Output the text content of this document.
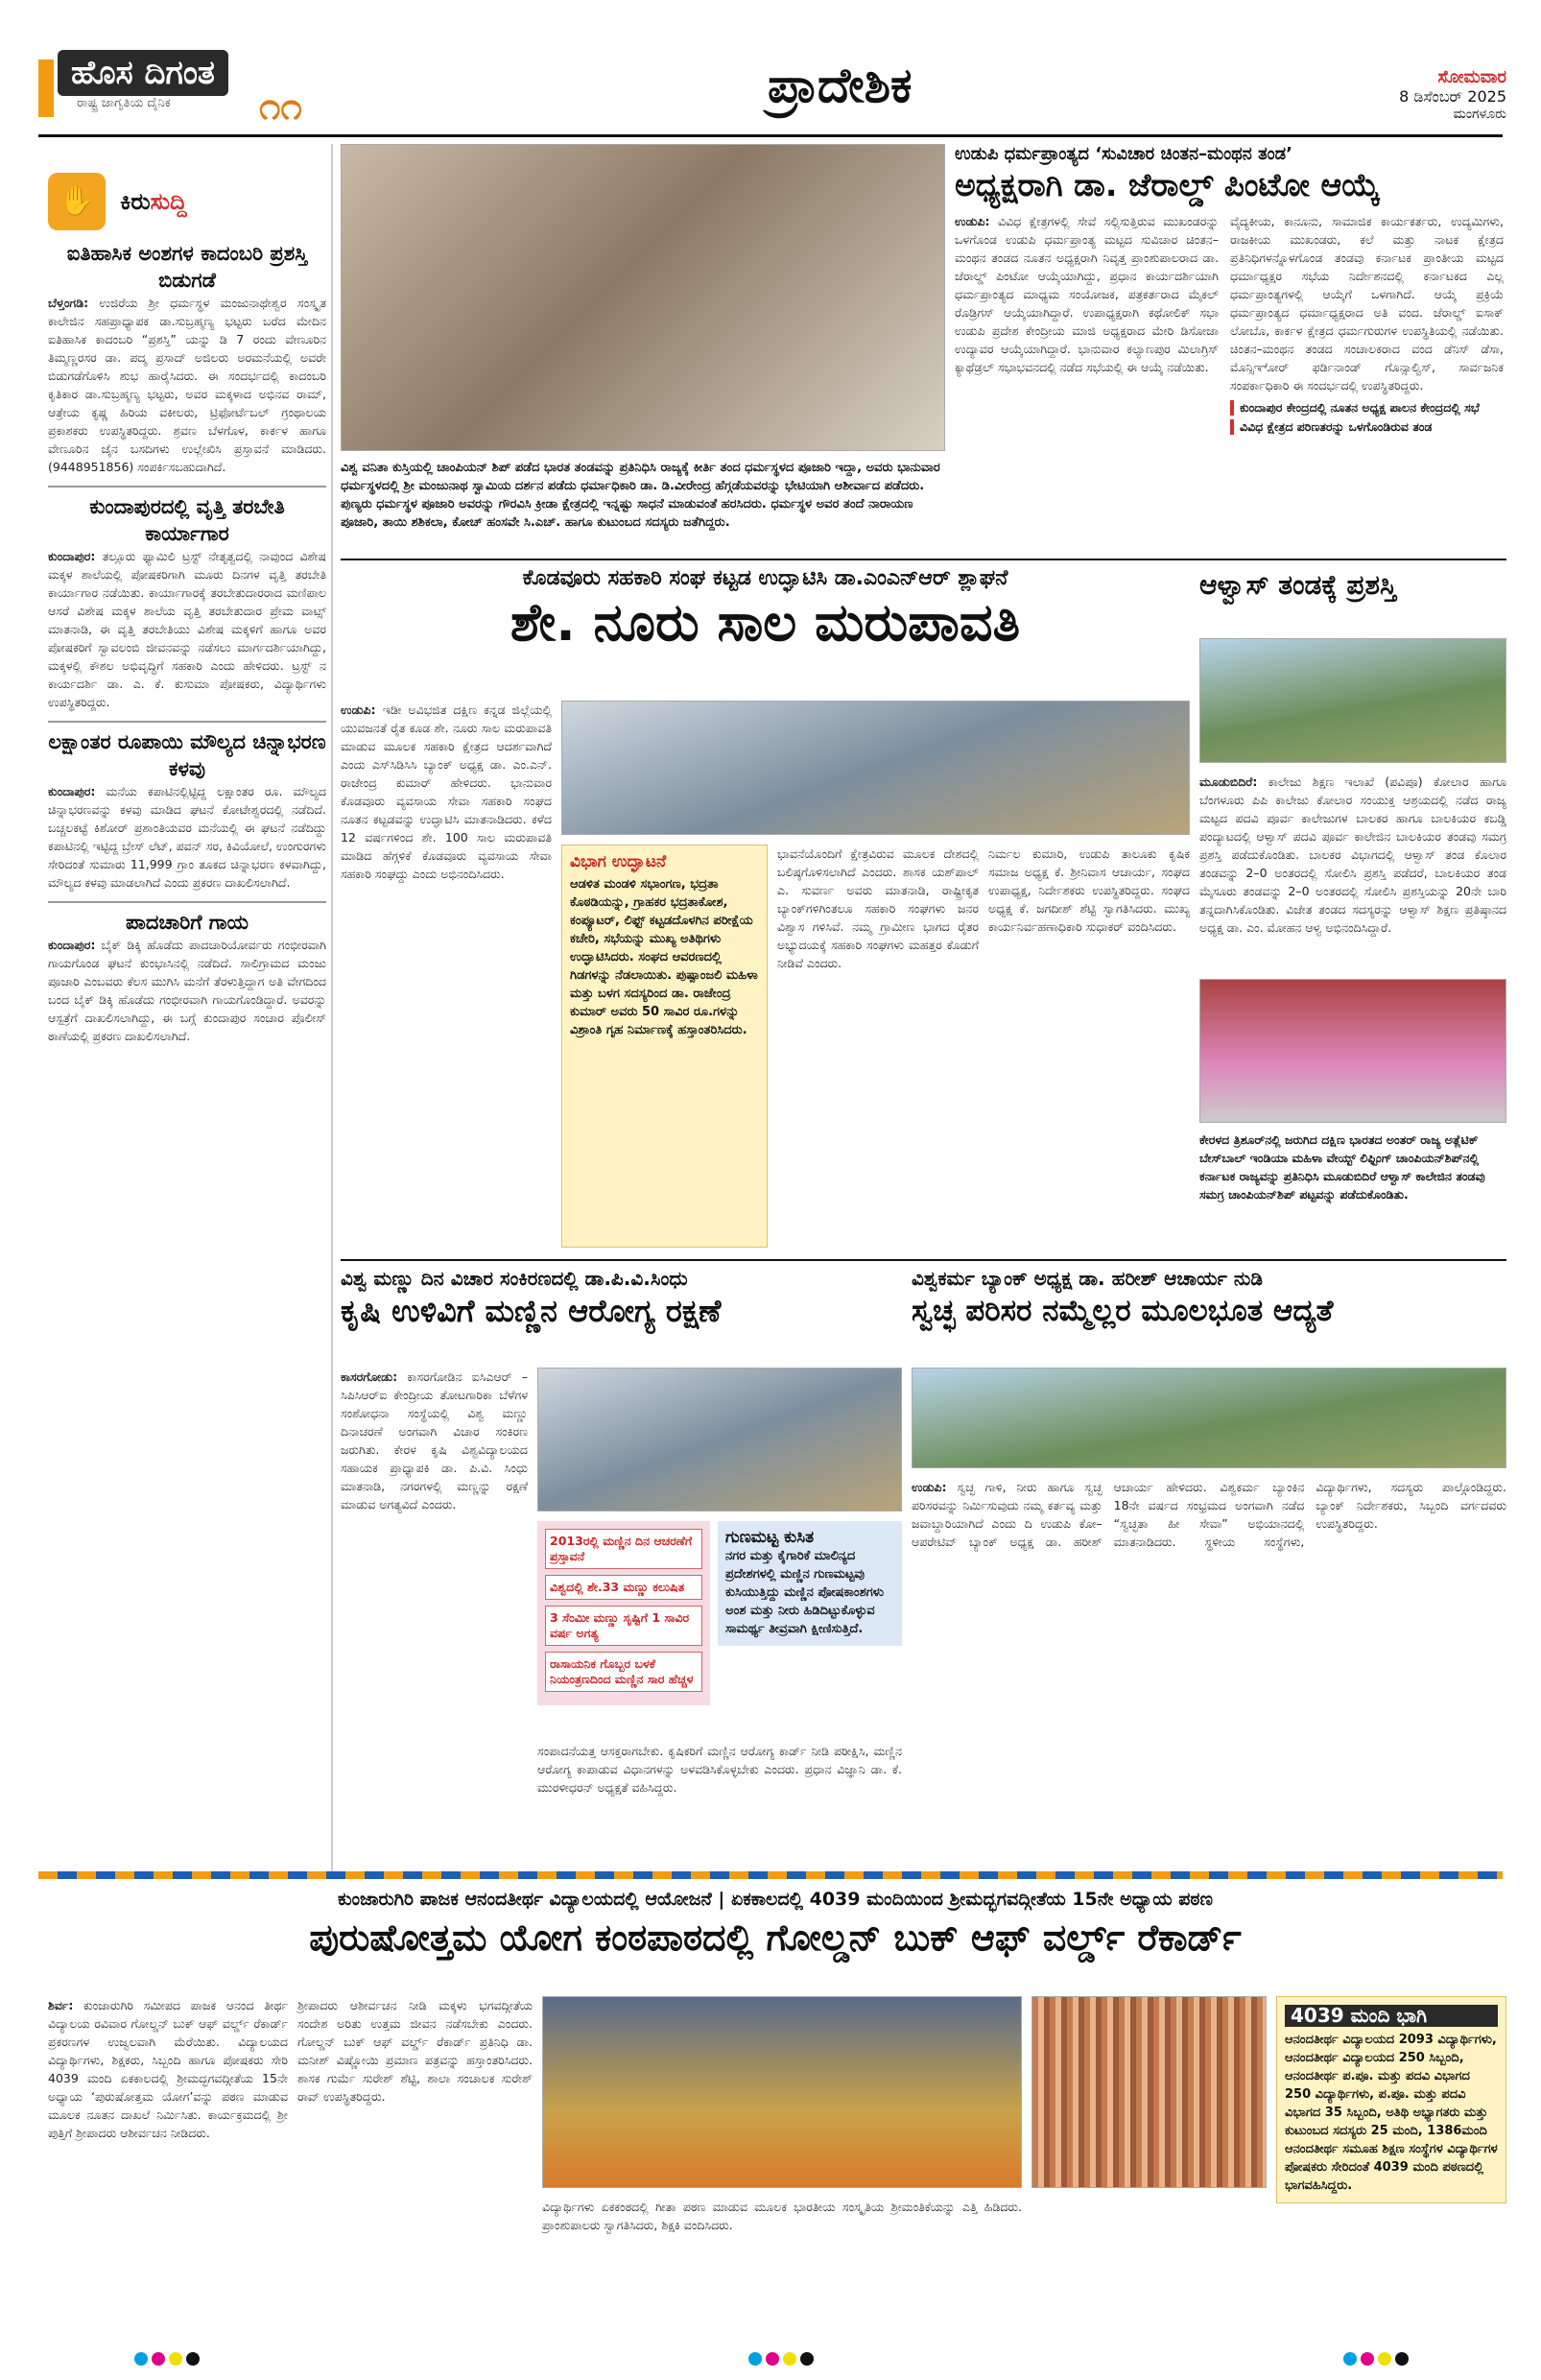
ಹೊಸ ದಿಗಂತ
ರಾಷ್ಟ್ರ ಜಾಗೃತಿಯ ದೈನಿಕ	೧೧	ಪ್ರಾದೇಶಿಕ	ಸೋಮವಾರ
8 ಡಿಸೆಂಬರ್ 2025
ಮಂಗಳೂರು
✋ ಕಿರುಸುದ್ದಿ
ಐತಿಹಾಸಿಕ ಅಂಶಗಳ ಕಾದಂಬರಿ ಪ್ರಶಸ್ತಿ ಬಿಡುಗಡೆ
ಬೆಳ್ತಂಗಡಿ: ಉಜಿರೆಯ ಶ್ರೀ ಧರ್ಮಸ್ಥಳ ಮಂಜುನಾಥೇಶ್ವರ ಸಂಸ್ಕೃತ ಕಾಲೇಜಿನ ಸಹಪ್ರಾಧ್ಯಾಪಕ ಡಾ.ಸುಬ್ರಹ್ಮಣ್ಯ ಭಟ್ಟರು ಬರೆದ ಮೇದಿನ ಐತಿಹಾಸಿಕ ಕಾದಂಬರಿ “ಪ್ರಶಸ್ತಿ” ಯನ್ನು ಡಿ 7 ರಂದು ವೇಣೂರಿನ ತಿಮ್ಮಣ್ಣರಸರ ಡಾ. ಪದ್ಮ ಪ್ರಸಾದ್ ಅಜಿಲರು ಅರಮನೆಯಲ್ಲಿ ಅವರೇ ಬಿಡುಗಡೆಗೊಳಿಸಿ ಶುಭ ಹಾರೈಸಿದರು. ಈ ಸಂದರ್ಭದಲ್ಲಿ ಕಾದಂಬರಿ ಕೃತಿಕಾರ ಡಾ.ಸುಬ್ರಹ್ಮಣ್ಯ ಭಟ್ಟರು, ಅವರ ಮಕ್ಕಳಾದ ಅಭಿನವ ರಾಮ್, ಆತ್ರೇಯ ಕೃಷ್ಣ ಹಿರಿಯ ವಕೀಲರು, ಟ್ರಿಫೋರ್ಟೆಬಲ್ ಗ್ರಂಥಾಲಯ ಪ್ರಕಾಶಕರು ಉಪಸ್ಥಿತರಿದ್ದರು. ಶ್ರವಣ ಬೆಳಗೊಳ, ಕಾರ್ಕಳ ಹಾಗೂ ವೇಣೂರಿನ ಜೈನ ಬಸದಿಗಳು ಉಲ್ಲೇಖಿಸಿ ಪ್ರಸ್ತಾವನೆ ಮಾಡಿದರು. (9448951856) ಸಂಪರ್ಕಿಸಬಹುದಾಗಿದೆ.
ಕುಂದಾಪುರದಲ್ಲಿ ವೃತ್ತಿ ತರಬೇತಿ ಕಾರ್ಯಾಗಾರ
ಕುಂದಾಪುರ: ತಲ್ಲೂರು ಫ್ಯಾಮಿಲಿ ಟ್ರಸ್ಟ್ ನೇತೃತ್ವದಲ್ಲಿ ನಾವುಂದ ವಿಶೇಷ ಮಕ್ಕಳ ಶಾಲೆಯಲ್ಲಿ ಪೋಷಕರಿಗಾಗಿ ಮೂರು ದಿನಗಳ ವೃತ್ತಿ ತರಬೇತಿ ಕಾರ್ಯಾಗಾರ ನಡೆಯಿತು. ಕಾರ್ಯಾಗಾರಕ್ಕೆ ತರಬೇತುದಾರರಾದ ಮಣಿಪಾಲ ಆಸರೆ ವಿಶೇಷ ಮಕ್ಕಳ ಶಾಲೆಯ ವೃತ್ತಿ ತರಬೇತುದಾರ ಪ್ರೇಮ ವಾಟ್ಸ್ ಮಾತನಾಡಿ, ಈ ವೃತ್ತಿ ತರಬೇತಿಯು ವಿಶೇಷ ಮಕ್ಕಳಿಗೆ ಹಾಗೂ ಅವರ ಪೋಷಕರಿಗೆ ಸ್ವಾವಲಂಬಿ ಜೀವನವನ್ನು ನಡೆಸಲು ಮಾರ್ಗದರ್ಶಿಯಾಗಿದ್ದು, ಮಕ್ಕಳಲ್ಲಿ ಕೌಶಲ ಅಭಿವೃದ್ಧಿಗೆ ಸಹಕಾರಿ ಎಂದು ಹೇಳಿದರು. ಟ್ರಸ್ಟ್ ನ ಕಾರ್ಯದರ್ಶಿ ಡಾ. ಎ. ಕೆ. ಕುಸುಮಾ ಪೋಷಕರು, ವಿದ್ಯಾರ್ಥಿಗಳು ಉಪಸ್ಥಿತರಿದ್ದರು.
ಲಕ್ಷಾಂತರ ರೂಪಾಯಿ ಮೌಲ್ಯದ ಚಿನ್ನಾಭರಣ ಕಳವು
ಕುಂದಾಪುರ: ಮನೆಯ ಕಪಾಟಿನಲ್ಲಿಟ್ಟಿದ್ದ ಲಕ್ಷಾಂತರ ರೂ. ಮೌಲ್ಯದ ಚಿನ್ನಾಭರಣವನ್ನು ಕಳವು ಮಾಡಿದ ಘಟನೆ ಕೋಟೇಶ್ವರದಲ್ಲಿ ನಡೆದಿದೆ. ಬಚ್ಚಲಕಟ್ಟೆ ಕಿಶೋರ್ ಪ್ರಶಾಂತಿಯವರ ಮನೆಯಲ್ಲಿ ಈ ಘಟನೆ ನಡೆದಿದ್ದು ಕಪಾಟಿನಲ್ಲಿ ಇಟ್ಟಿದ್ದ ಬ್ರೇಸ್ ಲೆಟ್, ಪವನ್ ಸರ, ಕಿವಿಯೋಲೆ, ಉಂಗುರಗಳು ಸೇರಿದಂತೆ ಸುಮಾರು 11,999 ಗ್ರಾಂ ತೂಕದ ಚಿನ್ನಾಭರಣ ಕಳವಾಗಿದ್ದು, ಮೌಲ್ಯದ ಕಳವು ಮಾಡಲಾಗಿದೆ ಎಂದು ಪ್ರಕರಣ ದಾಖಲಿಸಲಾಗಿದೆ.
ಪಾದಚಾರಿಗೆ ಗಾಯ
ಕುಂದಾಪುರ: ಬೈಕ್ ಡಿಕ್ಕಿ ಹೊಡೆದು ಪಾದಚಾರಿಯೋರ್ವರು ಗಂಭೀರವಾಗಿ ಗಾಯಗೊಂಡ ಘಟನೆ ಕುಂಭಾಸಿನಲ್ಲಿ ನಡೆದಿದೆ. ಸಾಲಿಗ್ರಾಮದ ಮಂಜು ಪೂಜಾರಿ ಎಂಬವರು ಕೆಲಸ ಮುಗಿಸಿ ಮನೆಗೆ ತೆರಳುತ್ತಿದ್ದಾಗ ಅತಿ ವೇಗದಿಂದ ಬಂದ ಬೈಕ್ ಡಿಕ್ಕಿ ಹೊಡೆದು ಗಂಭೀರವಾಗಿ ಗಾಯಗೊಂಡಿದ್ದಾರೆ. ಅವರನ್ನು ಆಸ್ಪತ್ರೆಗೆ ದಾಖಲಿಸಲಾಗಿದ್ದು, ಈ ಬಗ್ಗೆ ಕುಂದಾಪುರ ಸಂಚಾರ ಪೊಲೀಸ್ ಠಾಣೆಯಲ್ಲಿ ಪ್ರಕರಣ ದಾಖಲಿಸಲಾಗಿದೆ.
ವಿಶ್ವ ವನಿತಾ ಕುಸ್ತಿಯಲ್ಲಿ ಚಾಂಪಿಯನ್ ಶಿಪ್ ಪಡೆದ ಭಾರತ ತಂಡವನ್ನು ಪ್ರತಿನಿಧಿಸಿ ರಾಜ್ಯಕ್ಕೆ ಕೀರ್ತಿ ತಂದ ಧರ್ಮಸ್ಥಳದ ಪೂಜಾರಿ ಇದ್ದಾ, ಅವರು ಭಾನುವಾರ ಧರ್ಮಸ್ಥಳದಲ್ಲಿ ಶ್ರೀ ಮಂಜುನಾಥ ಸ್ವಾಮಿಯ ದರ್ಶನ ಪಡೆದು ಧರ್ಮಾಧಿಕಾರಿ ಡಾ. ಡಿ.ವೀರೇಂದ್ರ ಹೆಗ್ಗಡೆಯವರನ್ನು ಭೇಟಿಯಾಗಿ ಆಶೀರ್ವಾದ ಪಡೆದರು. ಪುಣ್ಯರು ಧರ್ಮಸ್ಥಳ ಪೂಜಾರಿ ಅವರನ್ನು ಗೌರವಿಸಿ ಕ್ರೀಡಾ ಕ್ಷೇತ್ರದಲ್ಲಿ ಇನ್ನಷ್ಟು ಸಾಧನೆ ಮಾಡುವಂತೆ ಹರಸಿದರು. ಧರ್ಮಸ್ಥಳ ಅವರ ತಂದೆ ನಾರಾಯಣ ಪೂಜಾರಿ, ತಾಯಿ ಶಶಿಕಲಾ, ಕೋಚ್ ಹಂಸವೇ ಸಿ.ಎಚ್. ಹಾಗೂ ಕುಟುಂಬದ ಸದಸ್ಯರು ಜತೆಗಿದ್ದರು.
ಉಡುಪಿ ಧರ್ಮಪ್ರಾಂತ್ಯದ ‘ಸುವಿಚಾರ ಚಿಂತನ–ಮಂಥನ ತಂಡ’
ಅಧ್ಯಕ್ಷರಾಗಿ ಡಾ. ಜೆರಾಲ್ಡ್ ಪಿಂಟೋ ಆಯ್ಕೆ
ಉಡುಪಿ: ವಿವಿಧ ಕ್ಷೇತ್ರಗಳಲ್ಲಿ ಸೇವೆ ಸಲ್ಲಿಸುತ್ತಿರುವ ಮುಖಂಡರನ್ನು ಒಳಗೊಂಡ ಉಡುಪಿ ಧರ್ಮಪ್ರಾಂತ್ಯ ಮಟ್ಟದ ಸುವಿಚಾರ ಚಿಂತನ–ಮಂಥನ ತಂಡದ ನೂತನ ಅಧ್ಯಕ್ಷರಾಗಿ ನಿವೃತ್ತ ಪ್ರಾಂಶುಪಾಲರಾದ ಡಾ. ಜೆರಾಲ್ಡ್ ಪಿಂಟೋ ಆಯ್ಕೆಯಾಗಿದ್ದು, ಪ್ರಧಾನ ಕಾರ್ಯದರ್ಶಿಯಾಗಿ ಧರ್ಮಪ್ರಾಂತ್ಯದ ಮಾಧ್ಯಮ ಸಂಯೋಜಕ, ಪತ್ರಕರ್ತರಾದ ಮೈಕಲ್ ರೊಡ್ರಿಗಸ್ ಆಯ್ಕೆಯಾಗಿದ್ದಾರೆ. ಉಪಾಧ್ಯಕ್ಷರಾಗಿ ಕಥೋಲಿಕ್ ಸಭಾ ಉಡುಪಿ ಪ್ರದೇಶ ಕೇಂದ್ರೀಯ ಮಾಜಿ ಅಧ್ಯಕ್ಷರಾದ ಮೇರಿ ಡಿಸೋಜಾ ಉದ್ಯಾವರ ಆಯ್ಕೆಯಾಗಿದ್ದಾರೆ. ಭಾನುವಾರ ಕಲ್ಯಾಣಪುರ ಮಿಲಾಗ್ರಿಸ್ ಕ್ಯಾಥೆಡ್ರಲ್ ಸಭಾಭವನದಲ್ಲಿ ನಡೆದ ಸಭೆಯಲ್ಲಿ ಈ ಆಯ್ಕೆ ನಡೆಯಿತು.
ವೈದ್ಯಕೀಯ, ಕಾನೂನು, ಸಾಮಾಜಿಕ ಕಾರ್ಯಕರ್ತರು, ಉದ್ಯಮಿಗಳು, ರಾಜಕೀಯ ಮುಖಂಡರು, ಕಲೆ ಮತ್ತು ನಾಟಕ ಕ್ಷೇತ್ರದ ಪ್ರತಿನಿಧಿಗಳನ್ನೊಳಗೊಂಡ ತಂಡವು ಕರ್ನಾಟಕ ಪ್ರಾಂತೀಯ ಮಟ್ಟದ ಧರ್ಮಾಧ್ಯಕ್ಷರ ಸಭೆಯ ನಿರ್ದೇಶನದಲ್ಲಿ ಕರ್ನಾಟಕದ ಎಲ್ಲ ಧರ್ಮಪ್ರಾಂತ್ಯಗಳಲ್ಲಿ ಆಯ್ಕೆಗೆ ಒಳಗಾಗಿದೆ. ಆಯ್ಕೆ ಪ್ರಕ್ರಿಯೆ ಧರ್ಮಪ್ರಾಂತ್ಯದ ಧರ್ಮಾಧ್ಯಕ್ಷರಾದ ಅತಿ ವಂದ. ಜೆರಾಲ್ಡ್ ಐಸಾಕ್ ಲೋಬೊ, ಕಾರ್ಕಳ ಕ್ಷೇತ್ರದ ಧರ್ಮಗುರುಗಳ ಉಪಸ್ಥಿತಿಯಲ್ಲಿ ನಡೆಯಿತು. ಚಿಂತನ–ಮಂಥನ ತಂಡದ ಸಂಚಾಲಕರಾದ ವಂದ ಡೆನಿಸ್ ಡೆಸಾ, ಮೊನ್ಸಿಞೋರ್ ಫರ್ಡಿನಾಂಡ್ ಗೊನ್ಸಾಲ್ವಿಸ್, ಸಾರ್ವಜನಿಕ ಸಂಪರ್ಕಾಧಿಕಾರಿ ಈ ಸಂದರ್ಭದಲ್ಲಿ ಉಪಸ್ಥಿತರಿದ್ದರು.
ಕುಂದಾಪುರ ಕೇಂದ್ರದಲ್ಲಿ ನೂತನ ಅಧ್ಯಕ್ಷ ಪಾಲನ ಕೇಂದ್ರದಲ್ಲಿ ಸಭೆ
ವಿವಿಧ ಕ್ಷೇತ್ರದ ಪರಿಣತರನ್ನು ಒಳಗೊಂಡಿರುವ ತಂಡ
ಕೊಡವೂರು ಸಹಕಾರಿ ಸಂಘ ಕಟ್ಟಡ ಉದ್ಘಾಟಿಸಿ ಡಾ.ಎಂಎನ್‌ಆರ್ ಶ್ಲಾಘನೆ
ಶೇ. ನೂರು ಸಾಲ ಮರುಪಾವತಿ
ಉಡುಪಿ: ಇಡೀ ಅವಿಭಜಿತ ದಕ್ಷಿಣ ಕನ್ನಡ ಜಿಲ್ಲೆಯಲ್ಲಿ ಯುವಜನತೆ ರೈತ ಕೂಡ ಶೇ. ನೂರು ಸಾಲ ಮರುಪಾವತಿ ಮಾಡುವ ಮೂಲಕ ಸಹಕಾರಿ ಕ್ಷೇತ್ರದ ಆದರ್ಶವಾಗಿದೆ ಎಂದು ಎಸ್‌ಸಿಡಿಸಿಸಿ ಬ್ಯಾಂಕ್ ಅಧ್ಯಕ್ಷ ಡಾ. ಎಂ.ಎನ್. ರಾಜೇಂದ್ರ ಕುಮಾರ್ ಹೇಳಿದರು. ಭಾನುವಾರ ಕೊಡವೂರು ವ್ಯವಸಾಯ ಸೇವಾ ಸಹಕಾರಿ ಸಂಘದ ನೂತನ ಕಟ್ಟಡವನ್ನು ಉದ್ಘಾಟಿಸಿ ಮಾತನಾಡಿದರು. ಕಳೆದ 12 ವರ್ಷಗಳಿಂದ ಶೇ. 100 ಸಾಲ ಮರುಪಾವತಿ ಮಾಡಿದ ಹೆಗ್ಗಳಿಕೆ ಕೊಡವೂರು ವ್ಯವಸಾಯ ಸೇವಾ ಸಹಕಾರಿ ಸಂಘದ್ದು ಎಂದು ಅಭಿನಂದಿಸಿದರು.
ವಿಭಾಗ ಉದ್ಘಾಟನೆ
ಆಡಳಿತ ಮಂಡಳಿ ಸಭಾಂಗಣ, ಭದ್ರತಾ ಕೊಠಡಿಯನ್ನು, ಗ್ರಾಹಕರ ಭದ್ರತಾಕೋಶ, ಕಂಪ್ಯೂಟರ್, ಲಿಫ್ಟ್ ಕಟ್ಟಡದೊಳಗಿನ ಪರೀಕ್ಷೆಯ ಕಚೇರಿ, ಸಭೆಯನ್ನು ಮುಖ್ಯ ಅತಿಥಿಗಳು ಉದ್ಘಾಟಿಸಿದರು. ಸಂಘದ ಆವರಣದಲ್ಲಿ ಗಿಡಗಳನ್ನು ನೆಡಲಾಯಿತು. ಪುಷ್ಪಾಂಜಲಿ ಮಹಿಳಾ ಮತ್ತು ಬಳಗ ಸದಸ್ಯರಿಂದ ಡಾ. ರಾಜೇಂದ್ರ ಕುಮಾರ್ ಅವರು 50 ಸಾವಿರ ರೂ.ಗಳನ್ನು ವಿಶ್ರಾಂತಿ ಗೃಹ ನಿರ್ಮಾಣಕ್ಕೆ ಹಸ್ತಾಂತರಿಸಿದರು.
ಭಾವನೆಯೊಂದಿಗೆ ಕ್ಷೇತ್ರವಿರುವ ಮೂಲಕ ದೇಶದಲ್ಲಿ ಬಲಿಷ್ಠಗೊಳಿಸಲಾಗಿದೆ ಎಂದರು. ಶಾಸಕ ಯಶ್‌ಪಾಲ್ ಎ. ಸುವರ್ಣ ಅವರು ಮಾತನಾಡಿ, ರಾಷ್ಟ್ರೀಕೃತ ಬ್ಯಾಂಕ್‌ಗಳಿಗಿಂತಲೂ ಸಹಕಾರಿ ಸಂಘಗಳು ಜನರ ವಿಶ್ವಾಸ ಗಳಿಸಿವೆ. ನಮ್ಮ ಗ್ರಾಮೀಣ ಭಾಗದ ರೈತರ ಅಭ್ಯುದಯಕ್ಕೆ ಸಹಕಾರಿ ಸಂಘಗಳು ಮಹತ್ತರ ಕೊಡುಗೆ ನೀಡಿವೆ ಎಂದರು.
ನಿರ್ಮಲ ಕುಮಾರಿ, ಉಡುಪಿ ತಾಲೂಕು ಕೃಷಿಕ ಸಮಾಜ ಅಧ್ಯಕ್ಷ ಕೆ. ಶ್ರೀನಿವಾಸ ಆಚಾರ್ಯ, ಸಂಘದ ಉಪಾಧ್ಯಕ್ಷ, ನಿರ್ದೇಶಕರು ಉಪಸ್ಥಿತರಿದ್ದರು. ಸಂಘದ ಅಧ್ಯಕ್ಷ ಕೆ. ಜಗದೀಶ್ ಶೆಟ್ಟಿ ಸ್ವಾಗತಿಸಿದರು. ಮುಖ್ಯ ಕಾರ್ಯನಿರ್ವಹಣಾಧಿಕಾರಿ ಸುಧಾಕರ್ ವಂದಿಸಿದರು.
ಆಳ್ವಾಸ್ ತಂಡಕ್ಕೆ ಪ್ರಶಸ್ತಿ
ಮೂಡುಬಿದಿರೆ: ಕಾಲೇಜು ಶಿಕ್ಷಣ ಇಲಾಖೆ (ಪವಿಪೂ) ಕೋಲಾರ ಹಾಗೂ ಬೆಂಗಳೂರು ಪಿಪಿ ಕಾಲೇಜು ಕೋಲಾರ ಸಂಯುಕ್ತ ಆಶ್ರಯದಲ್ಲಿ ನಡೆದ ರಾಜ್ಯ ಮಟ್ಟದ ಪದವಿ ಪೂರ್ವ ಕಾಲೇಜುಗಳ ಬಾಲಕರ ಹಾಗೂ ಬಾಲಕಿಯರ ಕಬಡ್ಡಿ ಪಂದ್ಯಾಟದಲ್ಲಿ ಆಳ್ವಾಸ್ ಪದವಿ ಪೂರ್ವ ಕಾಲೇಜಿನ ಬಾಲಕಿಯರ ತಂಡವು ಸಮಗ್ರ ಪ್ರಶಸ್ತಿ ಪಡೆದುಕೊಂಡಿತು. ಬಾಲಕರ ವಿಭಾಗದಲ್ಲಿ ಆಳ್ವಾಸ್ ತಂಡ ಕೊಲಾರ ತಂಡವನ್ನು 2–0 ಅಂತರದಲ್ಲಿ ಸೋಲಿಸಿ ಪ್ರಶಸ್ತಿ ಪಡೆದರೆ, ಬಾಲಕಿಯರ ತಂಡ ಮೈಸೂರು ತಂಡವನ್ನು 2–0 ಅಂತರದಲ್ಲಿ ಸೋಲಿಸಿ ಪ್ರಶಸ್ತಿಯನ್ನು 20ನೇ ಬಾರಿ ತನ್ನದಾಗಿಸಿಕೊಂಡಿತು. ವಿಜೇತ ತಂಡದ ಸದಸ್ಯರನ್ನು ಆಳ್ವಾಸ್ ಶಿಕ್ಷಣ ಪ್ರತಿಷ್ಠಾನದ ಅಧ್ಯಕ್ಷ ಡಾ. ಎಂ. ಮೋಹನ ಆಳ್ವ ಅಭಿನಂದಿಸಿದ್ದಾರೆ.
ಕೇರಳದ ತ್ರಿಶೂರ್‌ನಲ್ಲಿ ಜರುಗಿದ ದಕ್ಷಿಣ ಭಾರತದ ಅಂತರ್ ರಾಜ್ಯ ಅತ್ಲೆಟಿಕ್ ಬೇಸ್‌ಬಾಲ್ ಇಂಡಿಯಾ ಮಹಿಳಾ ವೇಯ್ಟ್ ಲಿಫ್ಟಿಂಗ್ ಚಾಂಪಿಯನ್‌ಶಿಪ್‌ನಲ್ಲಿ ಕರ್ನಾಟಕ ರಾಜ್ಯವನ್ನು ಪ್ರತಿನಿಧಿಸಿ ಮೂಡುಬಿದಿರೆ ಆಳ್ವಾಸ್ ಕಾಲೇಜಿನ ತಂಡವು ಸಮಗ್ರ ಚಾಂಪಿಯನ್‌ಶಿಪ್ ಪಟ್ಟವನ್ನು ಪಡೆದುಕೊಂಡಿತು.
ವಿಶ್ವ ಮಣ್ಣು ದಿನ ವಿಚಾರ ಸಂಕಿರಣದಲ್ಲಿ ಡಾ.ಪಿ.ವಿ.ಸಿಂಧು
ಕೃಷಿ ಉಳಿವಿಗೆ ಮಣ್ಣಿನ ಆರೋಗ್ಯ ರಕ್ಷಣೆ
ಕಾಸರಗೋಡು: ಕಾಸರಗೋಡಿನ ಐಸಿಎಆರ್ – ಸಿಪಿಸಿಆರ್‌ಐ ಕೇಂದ್ರೀಯ ತೋಟಗಾರಿಕಾ ಬೆಳೆಗಳ ಸಂಶೋಧನಾ ಸಂಸ್ಥೆಯಲ್ಲಿ ವಿಶ್ವ ಮಣ್ಣು ದಿನಾಚರಣೆ ಅಂಗವಾಗಿ ವಿಚಾರ ಸಂಕಿರಣ ಜರುಗಿತು. ಕೇರಳ ಕೃಷಿ ವಿಶ್ವವಿದ್ಯಾಲಯದ ಸಹಾಯಕ ಪ್ರಾಧ್ಯಾಪಕಿ ಡಾ. ಪಿ.ವಿ. ಸಿಂಧು ಮಾತನಾಡಿ, ನಗರಗಳಲ್ಲಿ ಮಣ್ಣನ್ನು ರಕ್ಷಣೆ ಮಾಡುವ ಅಗತ್ಯವಿದೆ ಎಂದರು.
2013ರಲ್ಲಿ ಮಣ್ಣಿನ ದಿನ ಆಚರಣೆಗೆ ಪ್ರಸ್ತಾವನೆ
ವಿಶ್ವದಲ್ಲಿ ಶೇ.33 ಮಣ್ಣು ಕಲುಷಿತ
3 ಸೆಂಮೀ ಮಣ್ಣು ಸೃಷ್ಟಿಗೆ 1 ಸಾವಿರ ವರ್ಷ ಅಗತ್ಯ
ರಾಸಾಯನಿಕ ಗೊಬ್ಬರ ಬಳಕೆ ನಿಯಂತ್ರಣದಿಂದ ಮಣ್ಣಿನ ಸಾರ ಹೆಚ್ಚಳ
ಗುಣಮಟ್ಟ ಕುಸಿತ
ನಗರ ಮತ್ತು ಕೈಗಾರಿಕೆ ಮಾಲಿನ್ಯದ ಪ್ರದೇಶಗಳಲ್ಲಿ ಮಣ್ಣಿನ ಗುಣಮಟ್ಟವು ಕುಸಿಯುತ್ತಿದ್ದು ಮಣ್ಣಿನ ಪೋಷಕಾಂಶಗಳು ಅಂಶ ಮತ್ತು ನೀರು ಹಿಡಿದಿಟ್ಟುಕೊಳ್ಳುವ ಸಾಮರ್ಥ್ಯ ತೀವ್ರವಾಗಿ ಕ್ಷೀಣಿಸುತ್ತಿದೆ.
ಸಂಪಾದನೆಯತ್ತ ಆಸಕ್ತರಾಗಬೇಕು. ಕೃಷಿಕರಿಗೆ ಮಣ್ಣಿನ ಆರೋಗ್ಯ ಕಾರ್ಡ್ ನೀಡಿ ಪರೀಕ್ಷಿಸಿ, ಮಣ್ಣಿನ ಆರೋಗ್ಯ ಕಾಪಾಡುವ ವಿಧಾನಗಳನ್ನು ಅಳವಡಿಸಿಕೊಳ್ಳಬೇಕು ಎಂದರು. ಪ್ರಧಾನ ವಿಜ್ಞಾನಿ ಡಾ. ಕೆ. ಮುರಳೀಧರನ್ ಅಧ್ಯಕ್ಷತೆ ವಹಿಸಿದ್ದರು.
ವಿಶ್ವಕರ್ಮ ಬ್ಯಾಂಕ್ ಅಧ್ಯಕ್ಷ ಡಾ. ಹರೀಶ್ ಆಚಾರ್ಯ ನುಡಿ
ಸ್ವಚ್ಛ ಪರಿಸರ ನಮ್ಮೆಲ್ಲರ ಮೂಲಭೂತ ಆದ್ಯತೆ
ಉಡುಪಿ: ಸ್ವಚ್ಛ ಗಾಳಿ, ನೀರು ಹಾಗೂ ಸ್ವಚ್ಛ ಪರಿಸರವನ್ನು ನಿರ್ಮಿಸುವುದು ನಮ್ಮ ಕರ್ತವ್ಯ ಮತ್ತು ಜವಾಬ್ದಾರಿಯಾಗಿದೆ ಎಂದು ದಿ ಉಡುಪಿ ಕೋ–ಆಪರೇಟಿವ್ ಬ್ಯಾಂಕ್ ಅಧ್ಯಕ್ಷ ಡಾ. ಹರೀಶ್ ಆಚಾರ್ಯ ಹೇಳಿದರು. ವಿಶ್ವಕರ್ಮ ಬ್ಯಾಂಕಿನ 18ನೇ ವರ್ಷದ ಸಂಭ್ರಮದ ಅಂಗವಾಗಿ ನಡೆದ “ಸ್ವಚ್ಛತಾ ಹೀ ಸೇವಾ” ಅಭಿಯಾನದಲ್ಲಿ ಮಾತನಾಡಿದರು. ಸ್ಥಳೀಯ ಸಂಸ್ಥೆಗಳು, ವಿದ್ಯಾರ್ಥಿಗಳು, ಸದಸ್ಯರು ಪಾಲ್ಗೊಂಡಿದ್ದರು. ಬ್ಯಾಂಕ್ ನಿರ್ದೇಶಕರು, ಸಿಬ್ಬಂದಿ ವರ್ಗದವರು ಉಪಸ್ಥಿತರಿದ್ದರು.
ಕುಂಜಾರುಗಿರಿ ಪಾಜಕ ಆನಂದತೀರ್ಥ ವಿದ್ಯಾಲಯದಲ್ಲಿ ಆಯೋಜನೆ | ಏಕಕಾಲದಲ್ಲಿ 4039 ಮಂದಿಯಿಂದ ಶ್ರೀಮದ್ಭಗವದ್ಗೀತೆಯ 15ನೇ ಅಧ್ಯಾಯ ಪಠಣ
ಪುರುಷೋತ್ತಮ ಯೋಗ ಕಂಠಪಾಠದಲ್ಲಿ ಗೋಲ್ಡನ್ ಬುಕ್ ಆಫ್ ವರ್ಲ್ಡ್ ರೆಕಾರ್ಡ್
ಶಿರ್ವ: ಕುಂಜಾರುಗಿರಿ ಸಮೀಪದ ಪಾಜಕ ಆನಂದ ತೀರ್ಥ ವಿದ್ಯಾಲಯ ರವಿವಾರ ಗೋಲ್ಡನ್ ಬುಕ್ ಆಫ್ ವರ್ಲ್ಡ್ ರೆಕಾರ್ಡ್ ಪ್ರಕರಣಗಳ ಉಜ್ವಲವಾಗಿ ಮೆರೆಯಿತು. ವಿದ್ಯಾಲಯದ ವಿದ್ಯಾರ್ಥಿಗಳು, ಶಿಕ್ಷಕರು, ಸಿಬ್ಬಂದಿ ಹಾಗೂ ಪೋಷಕರು ಸೇರಿ 4039 ಮಂದಿ ಏಕಕಾಲದಲ್ಲಿ ಶ್ರೀಮದ್ಭಗವದ್ಗೀತೆಯ 15ನೇ ಅಧ್ಯಾಯ ‘ಪುರುಷೋತ್ತಮ ಯೋಗ’ವನ್ನು ಪಠಣ ಮಾಡುವ ಮೂಲಕ ನೂತನ ದಾಖಲೆ ನಿರ್ಮಿಸಿತು. ಕಾರ್ಯಕ್ರಮದಲ್ಲಿ ಶ್ರೀ ಪುತ್ತಿಗೆ ಶ್ರೀಪಾದರು ಆಶೀರ್ವಚನ ನೀಡಿದರು.
ಶ್ರೀಪಾದರು ಆಶೀರ್ವಚನ ನೀಡಿ ಮಕ್ಕಳು ಭಗವದ್ಗೀತೆಯ ಸಂದೇಶ ಅರಿತು ಉತ್ತಮ ಜೀವನ ನಡೆಸಬೇಕು ಎಂದರು. ಗೋಲ್ಡನ್ ಬುಕ್ ಆಫ್ ವರ್ಲ್ಡ್ ರೆಕಾರ್ಡ್ ಪ್ರತಿನಿಧಿ ಡಾ. ಮನೀಶ್ ವಿಷ್ಣೋಯಿ ಪ್ರಮಾಣ ಪತ್ರವನ್ನು ಹಸ್ತಾಂತರಿಸಿದರು. ಶಾಸಕ ಗುರ್ಮೆ ಸುರೇಶ್ ಶೆಟ್ಟಿ, ಶಾಲಾ ಸಂಚಾಲಕ ಸುರೇಶ್ ರಾವ್ ಉಪಸ್ಥಿತರಿದ್ದರು.
ವಿದ್ಯಾರ್ಥಿಗಳು ಏಕಕಂಠದಲ್ಲಿ ಗೀತಾ ಪಠಣ ಮಾಡುವ ಮೂಲಕ ಭಾರತೀಯ ಸಂಸ್ಕೃತಿಯ ಶ್ರೀಮಂತಿಕೆಯನ್ನು ಎತ್ತಿ ಹಿಡಿದರು. ಪ್ರಾಂಶುಪಾಲರು ಸ್ವಾಗತಿಸಿದರು, ಶಿಕ್ಷಕಿ ವಂದಿಸಿದರು.
4039 ಮಂದಿ ಭಾಗಿ
ಆನಂದತೀರ್ಥ ವಿದ್ಯಾಲಯದ 2093 ವಿದ್ಯಾರ್ಥಿಗಳು, ಆನಂದತೀರ್ಥ ವಿದ್ಯಾಲಯದ 250 ಸಿಬ್ಬಂದಿ, ಆನಂದತೀರ್ಥ ಪ.ಪೂ. ಮತ್ತು ಪದವಿ ವಿಭಾಗದ 250 ವಿದ್ಯಾರ್ಥಿಗಳು, ಪ.ಪೂ. ಮತ್ತು ಪದವಿ ವಿಭಾಗದ 35 ಸಿಬ್ಬಂದಿ, ಅತಿಥಿ ಅಭ್ಯಾಗತರು ಮತ್ತು ಕುಟುಂಬದ ಸದಸ್ಯರು 25 ಮಂದಿ, 1386ಮಂದಿ ಆನಂದತೀರ್ಥ ಸಮೂಹ ಶಿಕ್ಷಣ ಸಂಸ್ಥೆಗಳ ವಿದ್ಯಾರ್ಥಿಗಳ ಪೋಷಕರು ಸೇರಿದಂತೆ 4039 ಮಂದಿ ಪಠಣದಲ್ಲಿ ಭಾಗವಹಿಸಿದ್ದರು.
